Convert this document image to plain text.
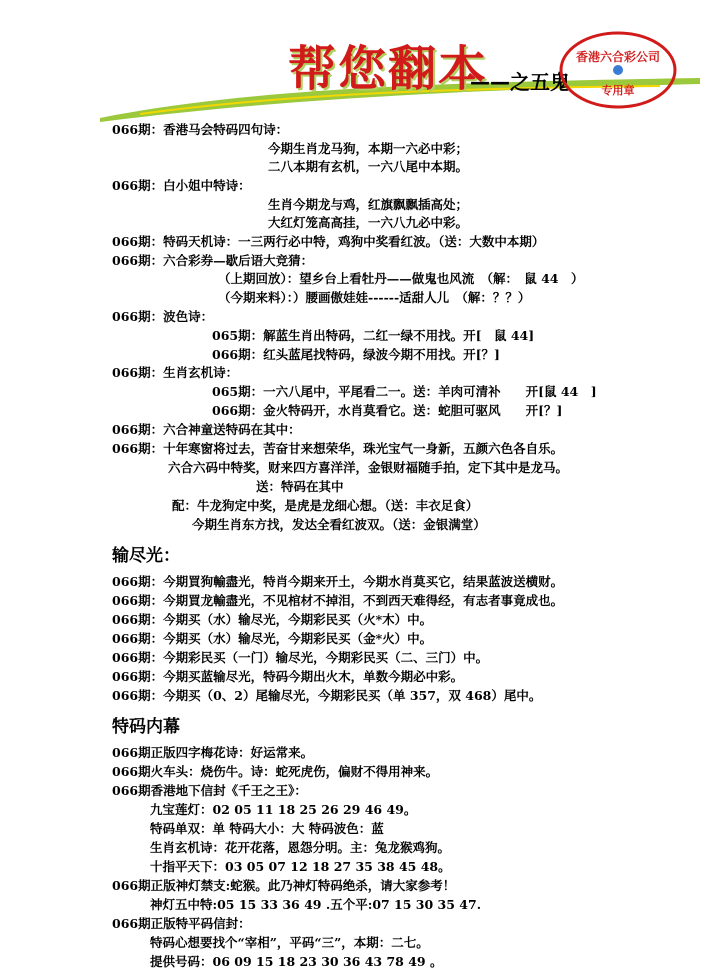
帮您翻本
——之五鬼
香港六合彩公司
专用章
066期：香港马会特码四句诗：
今期生肖龙马狗，本期一六必中彩；
二八本期有玄机，一六八尾中本期。
066期：白小姐中特诗：
生肖今期龙与鸡，红旗飘飘插高处；
大红灯笼高高挂，一六八九必中彩。
066期：特码天机诗：一三两行必中特，鸡狗中奖看红波。（送：大数中本期）
066期：六合彩券—歇后语大竞猜：
（上期回放）：望乡台上看牡丹——做鬼也风流　（解：　鼠 44　）
（今期来料）：）腰画傲娃娃------适甜人儿　（解：？？）
066期：波色诗：
065期：解蓝生肖出特码，二红一绿不用找。开[　鼠 44]
066期：红头蓝尾找特码，绿波今期不用找。开[？]
066期：生肖玄机诗：
065期：一六八尾中，平尾看二一。送：羊肉可清补　　开[鼠 44　]
066期：金火特码开，水肖莫看它。送：蛇胆可驱风　　开[？]
066期：六合神童送特码在其中：
066期：十年寒窗将过去，苦奋甘来想荣华，珠光宝气一身新，五颜六色各自乐。
六合六码中特奖，财来四方喜洋洋，金银财福随手拍，定下其中是龙马。
送：特码在其中
配：牛龙狗定中奖，是虎是龙细心想。（送：丰衣足食）
今期生肖东方找，发达全看红波双。（送：金银满堂）
066期：今期買狗輸盡光，特肖今期来开土，今期水肖莫买它，结果蓝波送横财。
066期：今期買龙輸盡光，不见棺材不掉泪，不到西天难得经，有志者事竟成也。
066期：今期买（水）输尽光，今期彩民买（火*木）中。
066期：今期买（水）输尽光，今期彩民买（金*火）中。
066期：今期彩民买（一门）输尽光，今期彩民买（二、三门）中。
066期：今期买蓝输尽光，特码今期出火木，单数今期必中彩。
066期：今期买（0、2）尾输尽光，今期彩民买（单 357，双 468）尾中。
066期正版四字梅花诗：好运常来。
066期火车头：烧伤牛。诗：蛇死虎伤，偏财不得用神来。
066期香港地下信封《千王之王》：
九宝莲灯：02 05 11 18 25 26 29 46 49。
特码单双：单 特码大小：大 特码波色：蓝
生肖玄机诗：花开花落，恩怨分明。主：兔龙猴鸡狗。
十指平天下：03 05 07 12 18 27 35 38 45 48。
066期正版神灯禁支:蛇猴。此乃神灯特码绝杀，请大家参考！
神灯五中特:05 15 33 36 49 .五个平:07 15 30 35 47.
066期正版特平码信封：
特码心想要找个“宰相”，平码“三”，本期：二七。
提供号码：06 09 15 18 23 30 36 43 78 49 。
输尽光：
特码内幕
